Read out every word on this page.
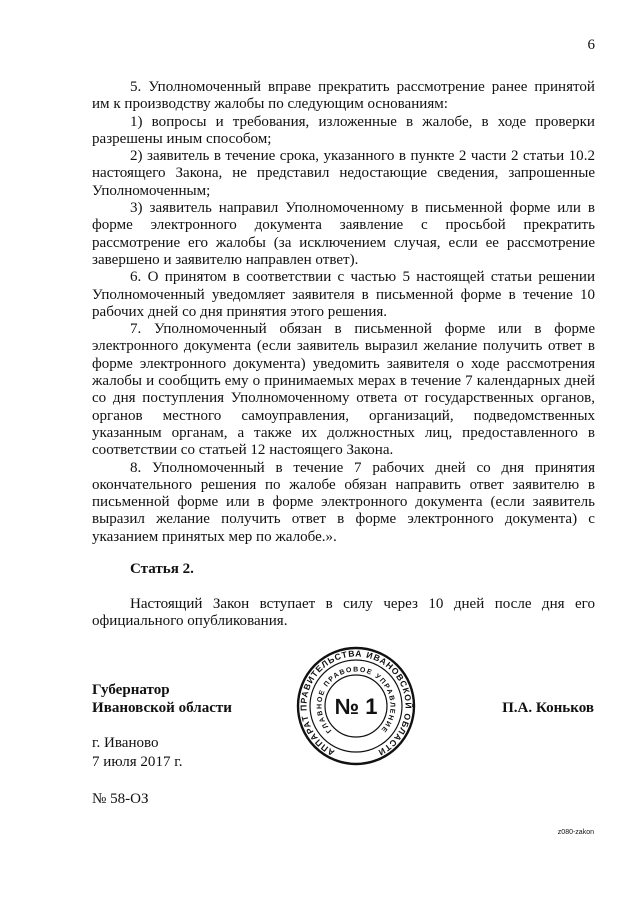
6

5. Уполномоченный вправе прекратить рассмотрение ранее принятой им к производству жалобы по следующим основаниям:

1) вопросы и требования, изложенные в жалобе, в ходе проверки разрешены иным способом;

2) заявитель в течение срока, указанного в пункте 2 части 2 статьи 10.2 настоящего Закона, не представил недостающие сведения, запрошенные Уполномоченным;

3) заявитель направил Уполномоченному в письменной форме или в форме электронного документа заявление с просьбой прекратить рассмотрение его жалобы (за исключением случая, если ее рассмотрение завершено и заявителю направлен ответ).

6. О принятом в соответствии с частью 5 настоящей статьи решении Уполномоченный уведомляет заявителя в письменной форме в течение 10 рабочих дней со дня принятия этого решения.

7. Уполномоченный обязан в письменной форме или в форме электронного документа (если заявитель выразил желание получить ответ в форме электронного документа) уведомить заявителя о ходе рассмотрения жалобы и сообщить ему о принимаемых мерах в течение 7 календарных дней со дня поступления Уполномоченному ответа от государственных органов, органов местного самоуправления, организаций, подведомственных указанным органам, а также их должностных лиц, предоставленного в соответствии со статьей 12 настоящего Закона.

8. Уполномоченный в течение 7 рабочих дней со дня принятия окончательного решения по жалобе обязан направить ответ заявителю в письменной форме или в форме электронного документа (если заявитель выразил желание получить ответ в форме электронного документа) с указанием принятых мер по жалобе.».

Статья 2.

Настоящий Закон вступает в силу через 10 дней после дня его официального опубликования.

Губернатор
Ивановской области	П.А. Коньков
АППАРАТ ПРАВИТЕЛЬСТВА ИВАНОВСКОЙ ОБЛАСТИ
ГЛАВНОЕ ПРАВОВОЕ УПРАВЛЕНИЕ
№ 1
г. Иваново
7 июля 2017 г.
№ 58-ОЗ
z080-zakon
